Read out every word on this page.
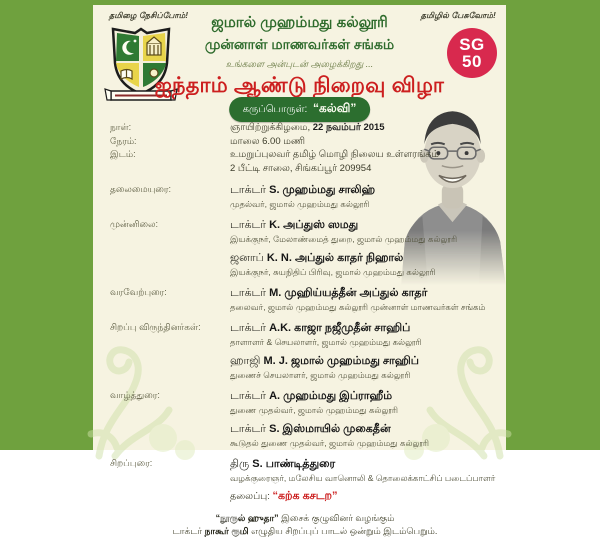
தமிழை நேசிப்போம்!	தமிழில் பேசுவோம்!
SG
50
ஜமால் முஹம்மது கல்லூரி
முன்னாள் மாணவர்கள் சங்கம்
உங்களை அன்புடன் அழைக்கிறது ...
ஐந்தாம் ஆண்டு நிறைவு விழா
கருப்பொருள்: “கல்வி”
நாள்:	ஞாயிற்றுக்கிழமை, 22 நவம்பர் 2015
நேரம்:	மாலை 6.00 மணி
இடம்:	உமறுப்புலவர் தமிழ் மொழி நிலைய உள்ளரங்கம்
2 பீட்டி சாலை, சிங்கப்பூர் 209954
தலைமையுரை:	டாக்டர் S. முஹம்மது சாலிஹ்
முதல்வர், ஜமால் முஹம்மது கல்லூரி
முன்னிலை:	டாக்டர் K. அப்துஸ் ஸமது
இயக்குநர், மேலாண்மைத் துறை, ஜமால் முஹம்மது கல்லூரி
ஜனாப் K. N. அப்துல் காதர் நிஹால்
இயக்குநர், சுயநிதிப் பிரிவு, ஜமால் முஹம்மது கல்லூரி
வரவேற்புரை:	டாக்டர் M. முஹிய்யத்தீன் அப்துல் காதர்
தலைவர், ஜமால் முஹம்மது கல்லூரி முன்னாள் மாணவர்கள் சங்கம்
சிறப்பு விருந்தினர்கள்:	டாக்டர் A.K. காஜா நஜீமுதீன் சாஹிப்
தாளாளர் & செயலாளர், ஜமால் முஹம்மது கல்லூரி
ஹாஜி M. J. ஜமால் முஹம்மது சாஹிப்
துணைச் செயலாளர், ஜமால் முஹம்மது கல்லூரி
வாழ்த்துரை:	டாக்டர் A. முஹம்மது இப்ராஹீம்
துணை முதல்வர், ஜமால் முஹம்மது கல்லூரி
டாக்டர் S. இஸ்மாயில் முகைதீன்
கூடுதல் துணை முதல்வர், ஜமால் முஹம்மது கல்லூரி
சிறப்புரை:	திரு S. பாண்டித்துரை
வழக்குரைஞர், மலேசிய வானொலி & தொலைக்காட்சிப் படைப்பாளர்
தலைப்பு: “கற்க கசடற”
“நூருல் ஹுதா” இசைக் குழுவினர் வழங்கும்
டாக்டர் நாகூர் ரூமி எழுதிய சிறப்புப் பாடல் ஒன்றும் இடம்பெறும்.
